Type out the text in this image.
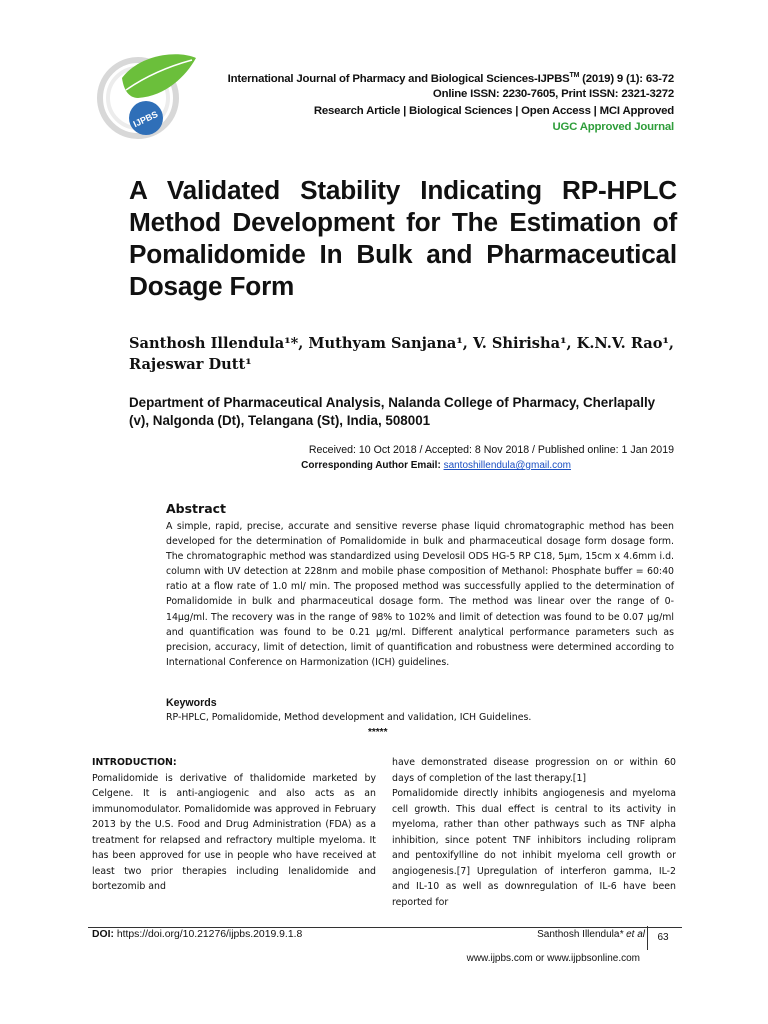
IJPBS
International Journal of Pharmacy and Biological Sciences-IJPBS™ (2019) 9 (1): 63-72
Online ISSN: 2230-7605, Print ISSN: 2321-3272
Research Article | Biological Sciences | Open Access | MCI Approved
UGC Approved Journal
A Validated Stability Indicating RP-HPLC Method Development for The Estimation of Pomalidomide In Bulk and Pharmaceutical Dosage Form
Santhosh Illendula¹*, Muthyam Sanjana¹, V. Shirisha¹, K.N.V. Rao¹, Rajeswar Dutt¹
Department of Pharmaceutical Analysis, Nalanda College of Pharmacy, Cherlapally (v), Nalgonda (Dt), Telangana (St), India, 508001
Received: 10 Oct 2018 / Accepted: 8 Nov 2018 / Published online: 1 Jan 2019
Corresponding Author Email: santoshillendula@gmail.com
Abstract
A simple, rapid, precise, accurate and sensitive reverse phase liquid chromatographic method has been developed for the determination of Pomalidomide in bulk and pharmaceutical dosage form dosage form. The chromatographic method was standardized using Develosil ODS HG-5 RP C18, 5µm, 15cm x 4.6mm i.d. column with UV detection at 228nm and mobile phase composition of Methanol: Phosphate buffer = 60:40 ratio at a flow rate of 1.0 ml/ min. The proposed method was successfully applied to the determination of Pomalidomide in bulk and pharmaceutical dosage form. The method was linear over the range of 0-14µg/ml. The recovery was in the range of 98% to 102% and limit of detection was found to be 0.07 µg/ml and quantification was found to be 0.21 µg/ml. Different analytical performance parameters such as precision, accuracy, limit of detection, limit of quantification and robustness were determined according to International Conference on Harmonization (ICH) guidelines.
Keywords
RP-HPLC, Pomalidomide, Method development and validation, ICH Guidelines.
*****
INTRODUCTION:
Pomalidomide is derivative of thalidomide marketed by Celgene. It is anti-angiogenic and also acts as an immunomodulator. Pomalidomide was approved in February 2013 by the U.S. Food and Drug Administration (FDA) as a treatment for relapsed and refractory multiple myeloma. It has been approved for use in people who have received at least two prior therapies including lenalidomide and bortezomib and
have demonstrated disease progression on or within 60 days of completion of the last therapy.[1]
Pomalidomide directly inhibits angiogenesis and myeloma cell growth. This dual effect is central to its activity in myeloma, rather than other pathways such as TNF alpha inhibition, since potent TNF inhibitors including rolipram and pentoxifylline do not inhibit myeloma cell growth or angiogenesis.[7] Upregulation of interferon gamma, IL-2 and IL-10 as well as downregulation of IL-6 have been reported for
DOI: https://doi.org/10.21276/ijpbs.2019.9.1.8	Santhosh Illendula* et al	63
www.ijpbs.com or www.ijpbsonline.com
